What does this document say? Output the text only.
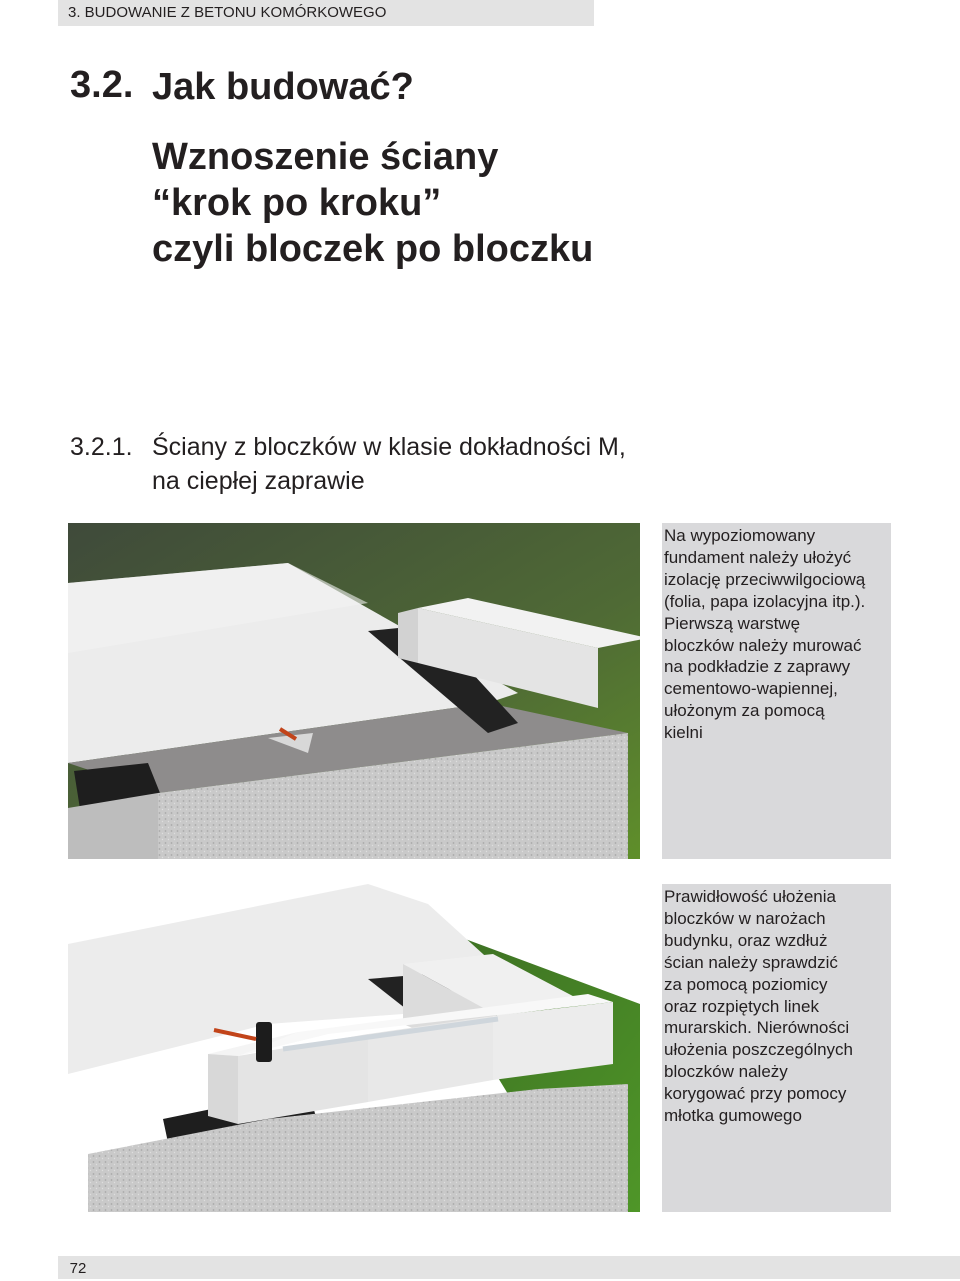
3. BUDOWANIE Z BETONU KOMÓRKOWEGO
3.2. Jak budować?
Wznoszenie ściany
“krok po kroku”
czyli bloczek po bloczku
3.2.1. Ściany z bloczków w klasie dokładności M,
na ciepłej zaprawie
Na wypoziomowany
fundament należy ułożyć
izolację przeciwwilgociową
(folia, papa izolacyjna itp.).
Pierwszą warstwę
bloczków należy murować
na podkładzie z zaprawy
cementowo-wapiennej,
ułożonym za pomocą
kielni
Prawidłowość ułożenia
bloczków w narożach
budynku, oraz wzdłuż
ścian należy sprawdzić
za pomocą poziomicy
oraz rozpiętych linek
murarskich. Nierówności
ułożenia poszczególnych
bloczków należy
korygować przy pomocy
młotka gumowego
72
